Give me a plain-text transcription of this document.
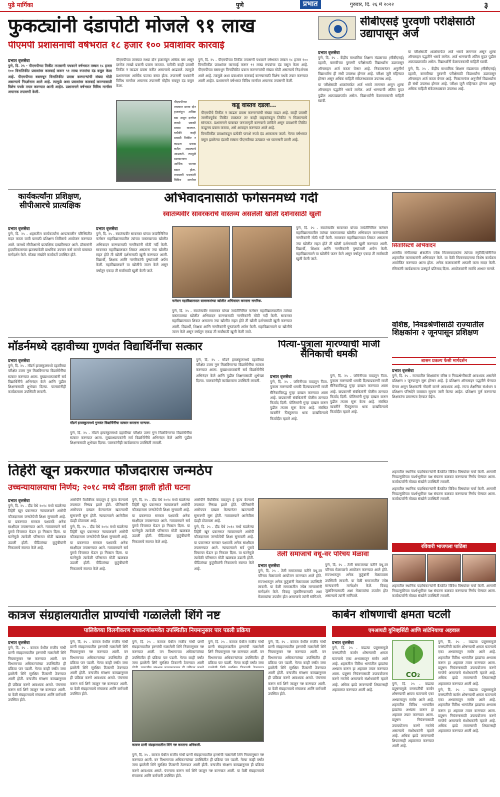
पुढे मार्गिका	पुणे	प्रभात	गुरुवार, दि. २६ मे २०२२	३
फुकट्यांनी दंडापोटी मोजले ९१ लाख
पीएमपी प्रशासनाची वर्षभरात १८ हजार १०० प्रवाशांवर कारवाई
प्रभात वृत्तसेवा

पुणे, दि. २५ - पीएमपीच्या तिकीट तपासणी पथकाने वर्षभरात तब्बल १८ हजार १०० विनातिकीट प्रवाशांवर कारवाई करून ९१ लाख रुपयांचा दंड वसूल केला आहे. पीएमपीच्या बसमधून विनातिकीट प्रवास करणाऱ्यांची संख्या मोठी असल्याचे निदर्शनास आले आहे. त्यामुळे अशा प्रवाशांवर कारवाई करण्यासाठी विशेष पथके तयार करण्यात आली आहेत. प्रशासनाने वर्षभरात विविध मार्गांवर अचानक तपासणी केली.

पीएमपीच्या ताफ्यात सध्या दोन हजारांहून अधिक बस असून दररोज लाखो प्रवासी प्रवास करतात. यापैकी काही प्रवासी तिकीट न काढता प्रवास करीत असल्याचे आढळले. त्यामुळे प्रशासनाला आर्थिक फटका बसत होता. तपासणी पथकांनी विविध मार्गांवर अचानक तपासणी मोहीम राबवून दंड वसूल केला.

पीएमपीच्या ताफ्यात सध्या दोन हजारांहून अधिक बस असून दररोज लाखो प्रवासी प्रवास करतात. यापैकी काही प्रवासी तिकीट न काढता प्रवास करीत असल्याचे आढळले. त्यामुळे प्रशासनाला आर्थिक फटका बसत होता. तपासणी पथकांनी विविध मार्गांवर

पुणे, दि. २५ - पीएमपीच्या तिकीट तपासणी पथकाने वर्षभरात तब्बल १८ हजार १०० विनातिकीट प्रवाशांवर कारवाई करून ९१ लाख रुपयांचा दंड वसूल केला आहे. पीएमपीच्या बसमधून विनातिकीट प्रवास करणाऱ्यांची संख्या मोठी असल्याचे निदर्शनास आले आहे. त्यामुळे अशा प्रवाशांवर कारवाई करण्यासाठी विशेष पथके तयार करण्यात आली आहेत. प्रशासनाने वर्षभरात विविध मार्गांवर अचानक तपासणी केली.

कडू वास्तव दडला...

पीएमपीचे तिकीट न काढता प्रवास करणाऱ्यांची संख्या वाढत आहे. काही प्रवासी जाणीवपूर्वक तिकीट टाळतात तर काही वाहकांकडून तिकीट न मिळाल्याचे सांगतात. प्रशासनाने याबाबत जनजागृती करण्याचे ठरविले असून प्रवाशांनी तिकीट काढूनच प्रवास करावा, असे आवाहन करण्यात आले आहे.

विनातिकीट प्रवाशांकडून प्रत्येकी पाचशे रुपये दंड आकारला जातो. गेल्या वर्षभरात वसूल झालेल्या दंडाची रक्कम पीएमपीच्या उत्पन्नात भर घालणारी ठरली आहे.

सीबीएसई पुरवणी परीक्षेसाठी उद्यापासून अर्ज
प्रभात वृत्तसेवा

पुणे, दि. २५ - केंद्रीय माध्यमिक शिक्षण मंडळाच्या (सीबीएसई) दहावी, बारावीच्या पुरवणी परीक्षेसाठी विद्यार्थ्यांना उद्यापासून ऑनलाइन अर्ज करता येणार आहे. निकालानंतर अनुत्तीर्ण विद्यार्थ्यांना ही संधी उपलब्ध होणार आहे. परीक्षा जुलै महिन्यात होणार असून अधिक माहिती संकेतस्थळावर उपलब्ध आहे.

या परीक्षेसाठी शाळांमार्फत अर्ज भरावे लागणार असून शुल्क ऑनलाइन पद्धतीने भरावे लागेल. अर्ज भरण्याची अंतिम मुदत पुढील आठवड्यापर्यंत असेल. विद्यार्थ्यांनी वेळापत्रकाची माहिती घ्यावी.

या परीक्षेसाठी शाळांमार्फत अर्ज भरावे लागणार असून शुल्क ऑनलाइन पद्धतीने भरावे लागेल. अर्ज भरण्याची अंतिम मुदत पुढील आठवड्यापर्यंत असेल. विद्यार्थ्यांनी वेळापत्रकाची माहिती घ्यावी.

पुणे, दि. २५ - केंद्रीय माध्यमिक शिक्षण मंडळाच्या (सीबीएसई) दहावी, बारावीच्या पुरवणी परीक्षेसाठी विद्यार्थ्यांना उद्यापासून ऑनलाइन अर्ज करता येणार आहे. निकालानंतर अनुत्तीर्ण विद्यार्थ्यांना ही संधी उपलब्ध होणार आहे. परीक्षा जुलै महिन्यात होणार असून अधिक माहिती संकेतस्थळावर उपलब्ध आहे.

कार्यकर्त्यांना प्रशिक्षण, सीपीआरचे प्रात्यक्षिक
प्रभात वृत्तसेवा

पुणे, दि. २५ - शहरातील कार्यकर्त्यांना आपत्कालीन परिस्थितीत मदत करता यावी यासाठी प्रशिक्षण शिबिराचे आयोजन करण्यात आले. यामध्ये सीपीआरचे प्रात्यक्षिक दाखविण्यात आले. डॉक्टरांनी हृदयविकाराच्या झटक्यावेळी प्राथमिक उपचार कसे करावे याबाबत मार्गदर्शन केले. मोठ्या संख्येने कार्यकर्ते उपस्थित होते.

अभिवादनासाठी फर्गसनमध्ये गर्दी
स्वातंत्र्यवीर सावरकरांचे वास्तव्य असलेली खोली दर्शनासाठी खुली
प्रभात वृत्तसेवा

पुणे, दि. २५ - स्वातंत्र्यवीर सावरकर यांच्या जयंतीनिमित्त फर्गसन महाविद्यालयातील त्यांच्या वास्तव्याच्या खोलीत अभिवादन करण्यासाठी नागरिकांनी मोठी गर्दी केली. सावरकर महाविद्यालयात शिकत असताना ज्या खोलीत राहत होते ती खोली दर्शनासाठी खुली करण्यात आली. विद्यार्थी, शिक्षक आणि नागरिकांनी पुष्पांजली अर्पण केली. महाविद्यालयाने या खोलीचे जतन केले असून वर्षातून एकदा ती सर्वांसाठी खुली केली जाते.

फर्गसन महाविद्यालयात सावरकरांच्या खोलीत अभिवादन करताना नागरिक.

पुणे, दि. २५ - स्वातंत्र्यवीर सावरकर यांच्या जयंतीनिमित्त फर्गसन महाविद्यालयातील त्यांच्या वास्तव्याच्या खोलीत अभिवादन करण्यासाठी नागरिकांनी मोठी गर्दी केली. सावरकर महाविद्यालयात शिकत असताना ज्या खोलीत राहत होते ती खोली दर्शनासाठी खुली करण्यात आली. विद्यार्थी, शिक्षक आणि नागरिकांनी पुष्पांजली अर्पण केली. महाविद्यालयाने या खोलीचे जतन केले असून वर्षातून एकदा ती सर्वांसाठी खुली केली जाते.

पुणे, दि. २५ - स्वातंत्र्यवीर सावरकर यांच्या जयंतीनिमित्त फर्गसन महाविद्यालयातील त्यांच्या वास्तव्याच्या खोलीत अभिवादन करण्यासाठी नागरिकांनी मोठी गर्दी केली. सावरकर महाविद्यालयात शिकत असताना ज्या खोलीत राहत होते ती खोली दर्शनासाठी खुली करण्यात आली. विद्यार्थी, शिक्षक आणि नागरिकांनी पुष्पांजली अर्पण केली. महाविद्यालयाने या खोलीचे जतन केले असून वर्षातून एकदा ती सर्वांसाठी खुली केली जाते.

सितारिस्टचे अभिवादन

शास्त्रीय संगीताच्या क्षेत्रातील ज्येष्ठ सितारवादकांना त्यांच्या स्मृतिदिनानिमित्त शहरातील कलाकारांनी अभिवादन केले. या वेळी सितारवादनाचा विशेष कार्यक्रम आयोजित करण्यात आला होता. अनेक कलाकारांनी आपली कला सादर केली. रसिकांनी कार्यक्रमाला उत्स्फूर्त प्रतिसाद दिला. आयोजकांनी सर्वांचे आभार मानले.

वशिष्ठ, निवडश्रेणीसाठी राज्यातील शिक्षकांना २ जूनपासून प्रशिक्षण
शासन प्रकल्प फेसी मार्गदर्शन
प्रभात वृत्तसेवा

पुणे, दि. २५ - राज्यातील शिक्षकांना वरिष्ठ व निवडश्रेणीसाठी आवश्यक असलेले प्रशिक्षण २ जूनपासून सुरू होणार आहे. हे प्रशिक्षण ऑनलाइन पद्धतीने घेण्यात येणार असून शिक्षकांनी नोंदणी करणे आवश्यक आहे. राज्य शैक्षणिक संशोधन व प्रशिक्षण परिषदेने याबाबत सूचना जारी केल्या आहेत. प्रशिक्षण पूर्ण करणाऱ्या शिक्षकांना प्रमाणपत्र देण्यात येईल.

मॉडर्नमध्ये दहावीच्या गुणवंत विद्यार्थिनींचा सत्कार
प्रभात वृत्तसेवा

पुणे, दि. २५ - मॉडर्न हायस्कूलमध्ये दहावीच्या परीक्षेत उत्तम गुण मिळविणाऱ्या विद्यार्थिनींचा सत्कार करण्यात आला. मुख्याध्यापकांनी सर्व विद्यार्थिनींचे अभिनंदन केले आणि पुढील शिक्षणासाठी शुभेच्छा दिल्या. पालकांनीही कार्यक्रमाला उपस्थिती लावली.

मॉडर्न हायस्कूलमध्ये गुणवंत विद्यार्थिनींचा सत्कार करताना मान्यवर.

पुणे, दि. २५ - मॉडर्न हायस्कूलमध्ये दहावीच्या परीक्षेत उत्तम गुण मिळविणाऱ्या विद्यार्थिनींचा सत्कार करण्यात आला. मुख्याध्यापकांनी सर्व विद्यार्थिनींचे अभिनंदन केले आणि पुढील शिक्षणासाठी शुभेच्छा दिल्या. पालकांनीही कार्यक्रमाला उपस्थिती लावली.

पुणे, दि. २५ - मॉडर्न हायस्कूलमध्ये दहावीच्या परीक्षेत उत्तम गुण मिळविणाऱ्या विद्यार्थिनींचा सत्कार करण्यात आला. मुख्याध्यापकांनी सर्व विद्यार्थिनींचे अभिनंदन केले आणि पुढील शिक्षणासाठी शुभेच्छा दिल्या. पालकांनीही कार्यक्रमाला उपस्थिती लावली.

पित्या-पुत्राला मारण्याची माजी सैनिकाची धमकी
प्रभात वृत्तसेवा

पुणे, दि. २५ - जमिनीच्या वादातून पिता-पुत्राला मारण्याची धमकी दिल्याप्रकरणी माजी सैनिकाविरुद्ध गुन्हा दाखल करण्यात आला आहे. याप्रकरणी संबंधितांनी पोलीस ठाण्यात फिर्याद दिली. पोलिसांनी गुन्हा दाखल करून पुढील तपास सुरू केला आहे. संबंधित व्यक्तीने पिस्तुलाचा धाक दाखविल्याचे फिर्यादीत म्हटले आहे.

पुणे, दि. २५ - जमिनीच्या वादातून पिता-पुत्राला मारण्याची धमकी दिल्याप्रकरणी माजी सैनिकाविरुद्ध गुन्हा दाखल करण्यात आला आहे. याप्रकरणी संबंधितांनी पोलीस ठाण्यात फिर्याद दिली. पोलिसांनी गुन्हा दाखल करून पुढील तपास सुरू केला आहे. संबंधित व्यक्तीने पिस्तुलाचा धाक दाखविल्याचे फिर्यादीत म्हटले आहे.

तिहेरी खून प्रकरणात फौजदारास जन्मठेप
उच्चन्यायालयाचा निर्णय; २०१८ मध्ये दौंडला झाली होती घटना
प्रभात वृत्तसेवा

पुणे, दि. २५ - दौंड येथे २०१८ मध्ये घडलेल्या तिहेरी खून प्रकरणात न्यायालयाने आरोपी फौजदाराला जन्मठेपेची शिक्षा सुनावली आहे. या प्रकरणात सरकार पक्षातर्फे अनेक साक्षीदार तपासण्यात आले. न्यायालयाने सर्व पुरावे विचारात घेऊन हा निकाल दिला. या घटनेमुळे त्यावेळी परिसरात मोठी खळबळ उडाली होती. पीडितांच्या कुटुंबीयांनी निकालाचे स्वागत केले आहे.

आरोपीने वैयक्तिक वादातून हे कृत्य केल्याचे तपासात निष्पन्न झाले होते. पोलिसांनी आरोपपत्र दाखल केल्यानंतर खटल्याची सुनावणी सुरू होती. न्यायालयाने आरोपीला दंडही ठोठावला आहे.

पुणे, दि. २५ - दौंड येथे २०१८ मध्ये घडलेल्या तिहेरी खून प्रकरणात न्यायालयाने आरोपी फौजदाराला जन्मठेपेची शिक्षा सुनावली आहे. या प्रकरणात सरकार पक्षातर्फे अनेक साक्षीदार तपासण्यात आले. न्यायालयाने सर्व पुरावे विचारात घेऊन हा निकाल दिला. या घटनेमुळे त्यावेळी परिसरात मोठी खळबळ उडाली होती. पीडितांच्या कुटुंबीयांनी निकालाचे स्वागत केले आहे.

पुणे, दि. २५ - दौंड येथे २०१८ मध्ये घडलेल्या तिहेरी खून प्रकरणात न्यायालयाने आरोपी फौजदाराला जन्मठेपेची शिक्षा सुनावली आहे. या प्रकरणात सरकार पक्षातर्फे अनेक साक्षीदार तपासण्यात आले. न्यायालयाने सर्व पुरावे विचारात घेऊन हा निकाल दिला. या घटनेमुळे त्यावेळी परिसरात मोठी खळबळ उडाली होती. पीडितांच्या कुटुंबीयांनी निकालाचे स्वागत केले आहे.

आरोपीने वैयक्तिक वादातून हे कृत्य केल्याचे तपासात निष्पन्न झाले होते. पोलिसांनी आरोपपत्र दाखल केल्यानंतर खटल्याची सुनावणी सुरू होती. न्यायालयाने आरोपीला दंडही ठोठावला आहे.

पुणे, दि. २५ - दौंड येथे २०१८ मध्ये घडलेल्या तिहेरी खून प्रकरणात न्यायालयाने आरोपी फौजदाराला जन्मठेपेची शिक्षा सुनावली आहे. या प्रकरणात सरकार पक्षातर्फे अनेक साक्षीदार तपासण्यात आले. न्यायालयाने सर्व पुरावे विचारात घेऊन हा निकाल दिला. या घटनेमुळे त्यावेळी परिसरात मोठी खळबळ उडाली होती. पीडितांच्या कुटुंबीयांनी निकालाचे स्वागत केले आहे.

तेली समाजाचे वधू-वर परिचय मेळावा
प्रभात वृत्तसेवा

पुणे, दि. २५ - तेली समाजाच्या वतीने वधू-वर परिचय मेळाव्याचे आयोजन करण्यात आले होते. राज्यभरातून अनेक कुटुंबांनी मेळाव्याला उपस्थिती लावली. या वेळी समाजातील ज्येष्ठ मान्यवरांनी मार्गदर्शन केले. विवाह जुळविण्यासाठी अशा मेळाव्यांचा उपयोग होत असल्याचे त्यांनी सांगितले.

पुणे, दि. २५ - तेली समाजाच्या वतीने वधू-वर परिचय मेळाव्याचे आयोजन करण्यात आले होते. राज्यभरातून अनेक कुटुंबांनी मेळाव्याला उपस्थिती लावली. या वेळी समाजातील ज्येष्ठ मान्यवरांनी मार्गदर्शन केले. विवाह जुळविण्यासाठी अशा मेळाव्यांचा उपयोग होत असल्याचे त्यांनी सांगितले.

शहरातील स्थानिक पदाधिकाऱ्यांनी बैठकीत विविध विषयांवर चर्चा केली. आगामी निवडणुकीच्या पार्श्वभूमीवर पक्ष संघटना बळकट करण्याचा निर्णय घेण्यात आला. कार्यकर्त्यांनी मोठ्या संख्येने उपस्थिती लावली.

शहरातील स्थानिक पदाधिकाऱ्यांनी बैठकीत विविध विषयांवर चर्चा केली. आगामी निवडणुकीच्या पार्श्वभूमीवर पक्ष संघटना बळकट करण्याचा निर्णय घेण्यात आला. कार्यकर्त्यांनी मोठ्या संख्येने उपस्थिती लावली.

रविवारी भाजपला पाठिंबा

शहरातील स्थानिक पदाधिकाऱ्यांनी बैठकीत विविध विषयांवर चर्चा केली. आगामी निवडणुकीच्या पार्श्वभूमीवर पक्ष संघटना बळकट करण्याचा निर्णय घेण्यात आला. कार्यकर्त्यांनी मोठ्या संख्येने उपस्थिती लावली.

कात्रज संग्रहालयातील प्राण्यांची गळालेली शिंगे नष्ट
पालिकेच्या विलगीकरण उपकरणांसमवेत उपस्थितीत नियमानुसार पार पडली प्रक्रिया
प्रभात वृत्तसेवा

पुणे, दि. २५ - कात्रज येथील राजीव गांधी प्राणी संग्रहालयातील हरणांची गळालेली शिंगे नियमानुसार नष्ट करण्यात आली. वन विभागाच्या अधिकाऱ्यांच्या उपस्थितीत ही प्रक्रिया पार पडली. गेल्या काही वर्षांत जमा झालेली शिंगे सुरक्षित ठिकाणी ठेवण्यात आली होती. वन्यजीव संरक्षण कायद्यानुसार ही प्रक्रिया करणे आवश्यक असते. पंचनामा करून सर्व शिंगे जाळून नष्ट करण्यात आली. या वेळी संग्रहालयाचे संचालक आणि कर्मचारी उपस्थित होते.

पुणे, दि. २५ - कात्रज येथील राजीव गांधी प्राणी संग्रहालयातील हरणांची गळालेली शिंगे नियमानुसार नष्ट करण्यात आली. वन विभागाच्या अधिकाऱ्यांच्या उपस्थितीत ही प्रक्रिया पार पडली. गेल्या काही वर्षांत जमा झालेली शिंगे सुरक्षित ठिकाणी ठेवण्यात आली होती. वन्यजीव संरक्षण कायद्यानुसार ही प्रक्रिया करणे आवश्यक असते. पंचनामा करून सर्व शिंगे जाळून नष्ट करण्यात आली. या वेळी संग्रहालयाचे संचालक आणि कर्मचारी उपस्थित होते.

पुणे, दि. २५ - कात्रज येथील राजीव गांधी प्राणी संग्रहालयातील हरणांची गळालेली शिंगे नियमानुसार नष्ट करण्यात आली. वन विभागाच्या अधिकाऱ्यांच्या उपस्थितीत ही प्रक्रिया पार पडली. गेल्या काही वर्षांत जमा झालेली शिंगे सुरक्षित ठिकाणी ठेवण्यात आली

कात्रज प्राणी संग्रहालयातील शिंगे नष्ट करताना अधिकारी.

पुणे, दि. २५ - कात्रज येथील राजीव गांधी प्राणी संग्रहालयातील हरणांची गळालेली शिंगे नियमानुसार नष्ट करण्यात आली. वन विभागाच्या अधिकाऱ्यांच्या उपस्थितीत ही प्रक्रिया पार पडली. गेल्या काही वर्षांत जमा झालेली शिंगे सुरक्षित ठिकाणी ठेवण्यात आली होती. वन्यजीव संरक्षण कायद्यानुसार ही प्रक्रिया करणे आवश्यक असते. पंचनामा करून सर्व शिंगे जाळून नष्ट करण्यात आली. या वेळी संग्रहालयाचे संचालक आणि कर्मचारी उपस्थित होते.

पुणे, दि. २५ - कात्रज येथील राजीव गांधी प्राणी संग्रहालयातील हरणांची गळालेली शिंगे नियमानुसार नष्ट करण्यात आली. वन विभागाच्या अधिकाऱ्यांच्या उपस्थितीत ही प्रक्रिया पार पडली. गेल्या काही वर्षांत जमा

पुणे, दि. २५ - कात्रज येथील राजीव गांधी प्राणी संग्रहालयातील हरणांची गळालेली शिंगे नियमानुसार नष्ट करण्यात आली. वन विभागाच्या अधिकाऱ्यांच्या उपस्थितीत ही प्रक्रिया पार पडली. गेल्या काही वर्षांत जमा झालेली शिंगे सुरक्षित ठिकाणी ठेवण्यात आली होती. वन्यजीव संरक्षण कायद्यानुसार ही प्रक्रिया करणे आवश्यक असते. पंचनामा करून सर्व शिंगे जाळून नष्ट करण्यात आली. या वेळी संग्रहालयाचे संचालक आणि कर्मचारी उपस्थित होते.

कार्बन शोषणाची क्षमता घटली
एमआयटी युनिव्हर्सिटी आणि सांटेनियाचा अहवाल
प्रभात वृत्तसेवा

पुणे, दि. २५ - वाढत्या प्रदूषणामुळे वनस्पतींची कार्बन शोषण्याची क्षमता घटल्याचे एका अभ्यासातून समोर आले आहे. शहरातील विविध भागांतील झाडांचा अभ्यास करून हा अहवाल तयार करण्यात आला. प्रदूषण नियंत्रणासाठी उपाययोजना करणे गरजेचे असल्याचे संशोधकांनी म्हटले आहे. अधिक झाडे लावण्याची शिफारसही अहवालात करण्यात आली आहे.

CO₂

पुणे, दि. २५ - वाढत्या प्रदूषणामुळे वनस्पतींची कार्बन शोषण्याची क्षमता घटल्याचे एका अभ्यासातून समोर आले आहे. शहरातील विविध भागांतील झाडांचा अभ्यास करून हा अहवाल तयार करण्यात आला. प्रदूषण नियंत्रणासाठी उपाययोजना करणे गरजेचे असल्याचे संशोधकांनी म्हटले आहे. अधिक झाडे लावण्याची शिफारसही अहवालात करण्यात आली आहे.

पुणे, दि. २५ - वाढत्या प्रदूषणामुळे वनस्पतींची कार्बन शोषण्याची क्षमता घटल्याचे एका अभ्यासातून समोर आले आहे. शहरातील विविध भागांतील झाडांचा अभ्यास करून हा अहवाल तयार करण्यात आला. प्रदूषण नियंत्रणासाठी उपाययोजना करणे गरजेचे असल्याचे संशोधकांनी म्हटले आहे. अधिक झाडे लावण्याची शिफारसही अहवालात करण्यात आली आहे.

पुणे, दि. २५ - वाढत्या प्रदूषणामुळे वनस्पतींची कार्बन शोषण्याची क्षमता घटल्याचे एका अभ्यासातून समोर आले आहे. शहरातील विविध भागांतील झाडांचा अभ्यास करून हा अहवाल तयार करण्यात आला. प्रदूषण नियंत्रणासाठी उपाययोजना करणे गरजेचे असल्याचे संशोधकांनी म्हटले आहे. अधिक झाडे लावण्याची शिफारसही अहवालात करण्यात आली आहे.
